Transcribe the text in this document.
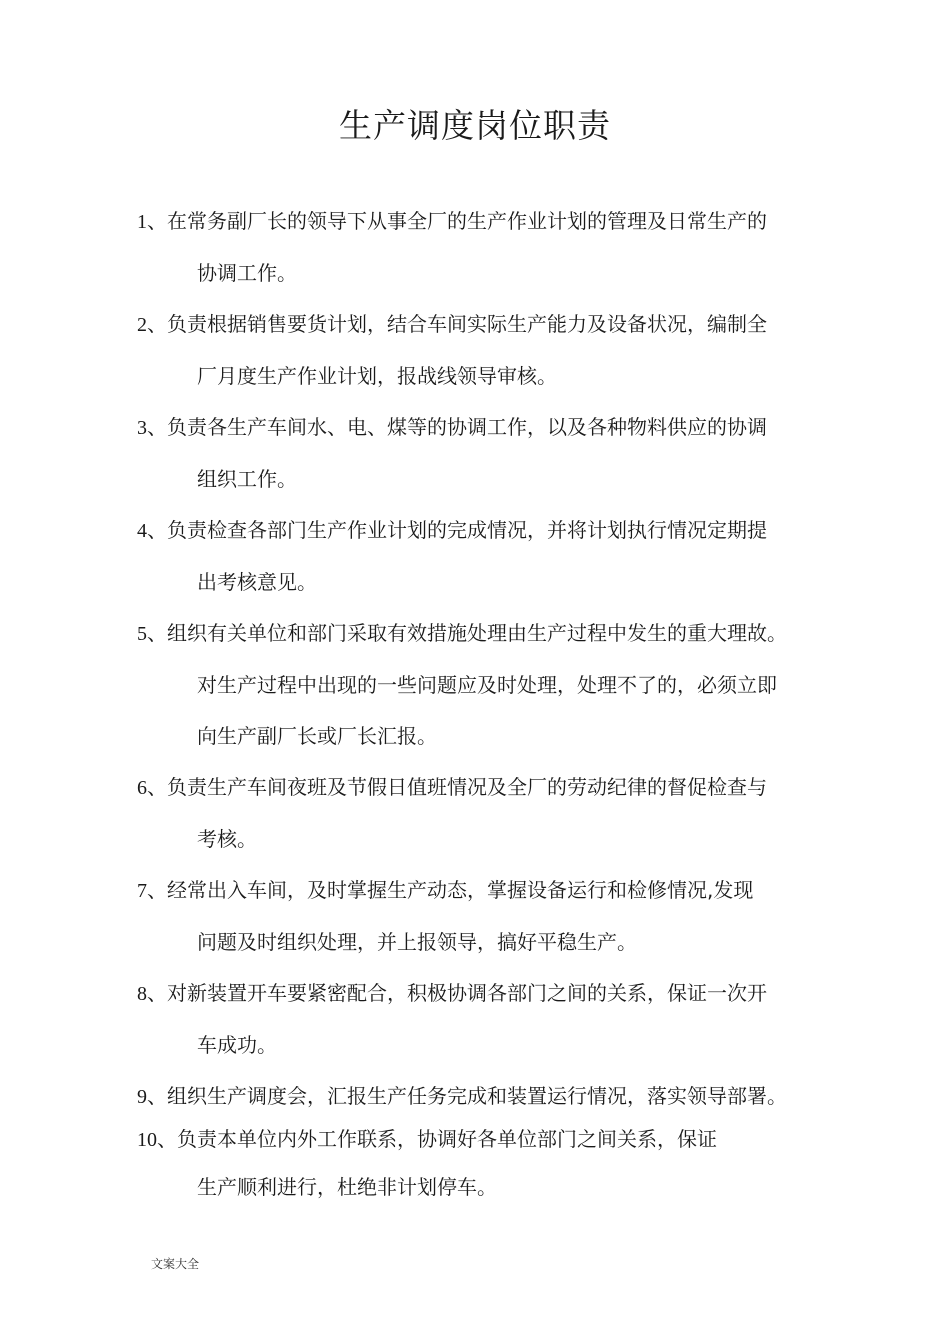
生产调度岗位职责
1、在常务副厂长的领导下从事全厂的生产作业计划的管理及日常生产的
协调工作。
2、负责根据销售要货计划，结合车间实际生产能力及设备状况，编制全
厂月度生产作业计划，报战线领导审核。
3、负责各生产车间水、电、煤等的协调工作，以及各种物料供应的协调
组织工作。
4、负责检查各部门生产作业计划的完成情况，并将计划执行情况定期提
出考核意见。
5、组织有关单位和部门采取有效措施处理由生产过程中发生的重大理故。
对生产过程中出现的一些问题应及时处理，处理不了的，必须立即
向生产副厂长或厂长汇报。
6、负责生产车间夜班及节假日值班情况及全厂的劳动纪律的督促检查与
考核。
7、经常出入车间，及时掌握生产动态，掌握设备运行和检修情况,发现
问题及时组织处理，并上报领导，搞好平稳生产。
8、对新装置开车要紧密配合，积极协调各部门之间的关系，保证一次开
车成功。
9、组织生产调度会，汇报生产任务完成和装置运行情况，落实领导部署。
10、负责本单位内外工作联系，协调好各单位部门之间关系，保证
生产顺利进行，杜绝非计划停车。
文案大全
